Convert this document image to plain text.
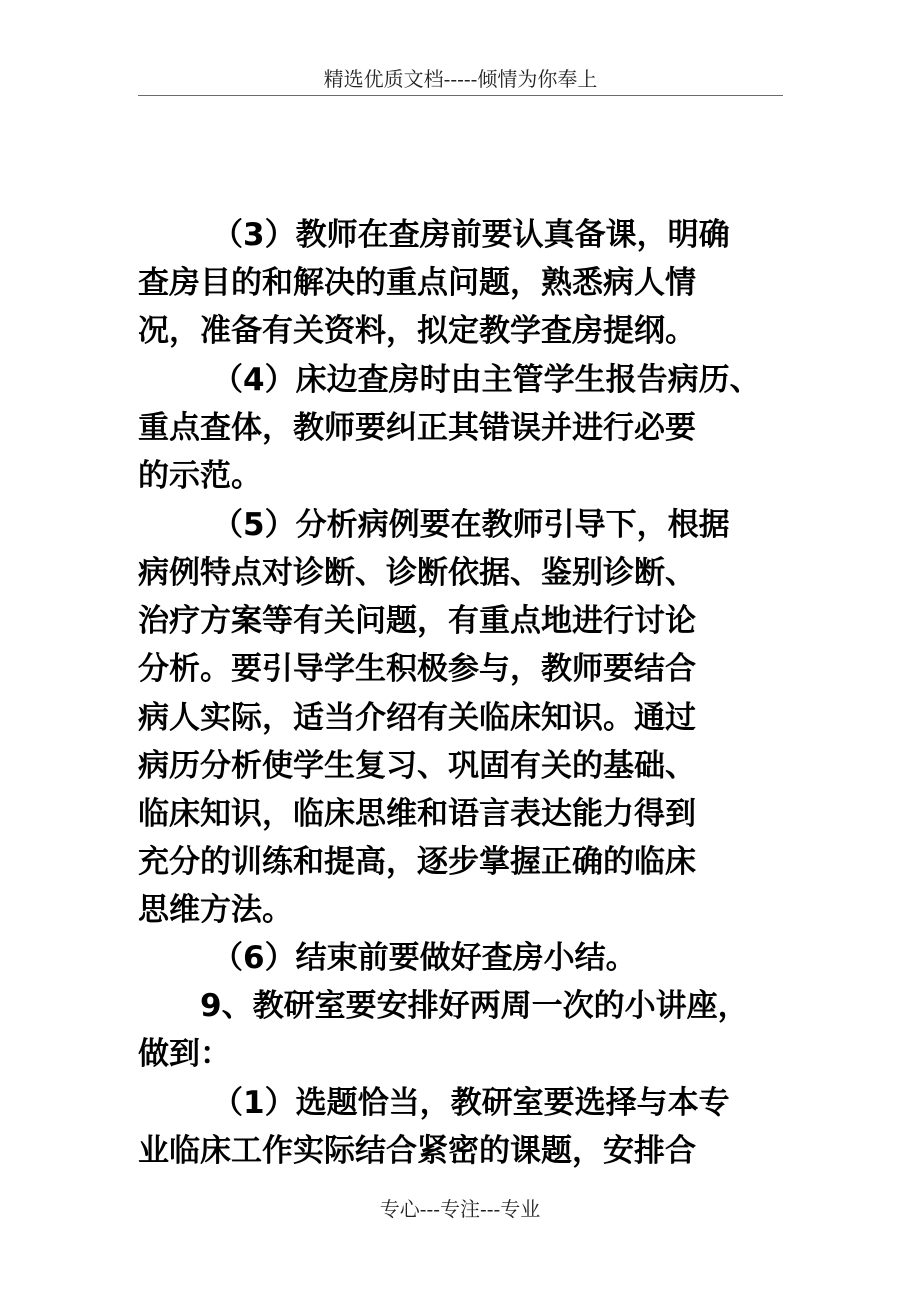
精选优质文档-----倾情为你奉上
（3）教师在查房前要认真备课，明确
查房目的和解决的重点问题，熟悉病人情
况，准备有关资料，拟定教学查房提纲。
（4）床边查房时由主管学生报告病历、
重点查体，教师要纠正其错误并进行必要
的示范。
（5）分析病例要在教师引导下，根据
病例特点对诊断、诊断依据、鉴别诊断、
治疗方案等有关问题，有重点地进行讨论
分析。要引导学生积极参与，教师要结合
病人实际，适当介绍有关临床知识。通过
病历分析使学生复习、巩固有关的基础、
临床知识，临床思维和语言表达能力得到
充分的训练和提高，逐步掌握正确的临床
思维方法。
（6）结束前要做好查房小结。
9、教研室要安排好两周一次的小讲座，
做到：
（1）选题恰当，教研室要选择与本专
业临床工作实际结合紧密的课题，安排合
专心---专注---专业
